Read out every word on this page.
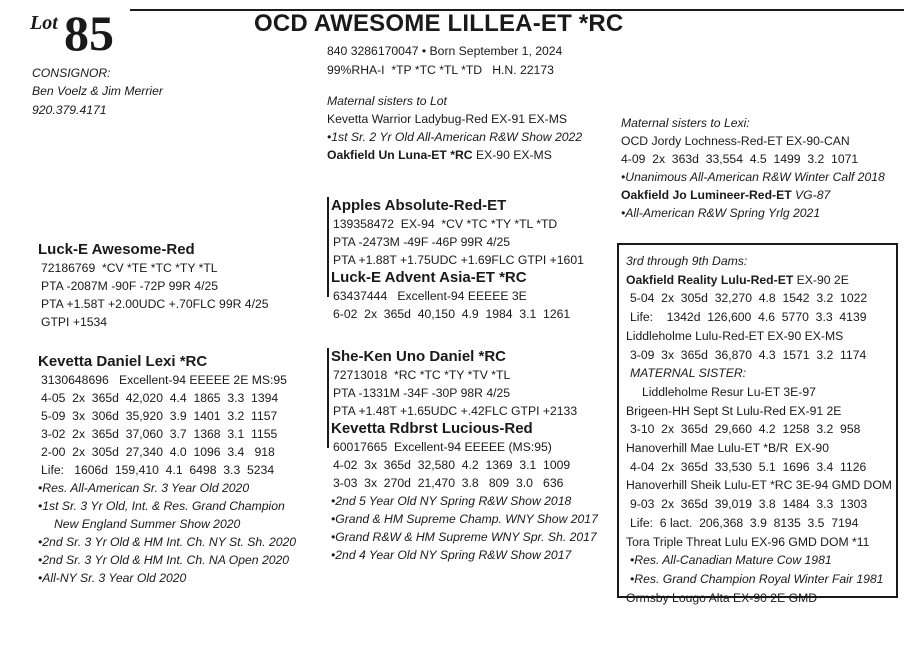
Lot 85	OCD AWESOME LILLEA-ET *RC
840 3286170047 • Born September 1, 2024
99%RHA-I  *TP *TC *TL *TD   H.N. 22173
CONSIGNOR:
Ben Voelz & Jim Merrier
920.379.4171
Maternal sisters to Lot
Kevetta Warrior Ladybug-Red EX-91 EX-MS
•1st Sr. 2 Yr Old All-American R&W Show 2022
Oakfield Un Luna-ET *RC EX-90 EX-MS
Maternal sisters to Lexi:
OCD Jordy Lochness-Red-ET EX-90-CAN
4-09  2x  363d  33,554  4.5  1499  3.2  1071
•Unanimous All-American R&W Winter Calf 2018
Oakfield Jo Lumineer-Red-ET VG-87
•All-American R&W Spring Yrlg 2021
Luck-E Awesome-Red
72186769  *CV *TE *TC *TY *TL
PTA -2087M -90F -72P 99R 4/25
PTA +1.58T +2.00UDC +.70FLC 99R 4/25
GTPI +1534
Apples Absolute-Red-ET
139358472  EX-94  *CV *TC *TY *TL *TD
PTA -2473M -49F -46P 99R 4/25
PTA +1.88T +1.75UDC +1.69FLC GTPI +1601
Luck-E Advent Asia-ET *RC
63437444   Excellent-94 EEEEE 3E
6-02  2x  365d  40,150  4.9  1984  3.1  1261
Kevetta Daniel Lexi *RC
3130648696   Excellent-94 EEEEE 2E MS:95
4-05  2x  365d  42,020  4.4  1865  3.3  1394
5-09  3x  306d  35,920  3.9  1401  3.2  1157
3-02  2x  365d  37,060  3.7  1368  3.1  1155
2-00  2x  305d  27,340  4.0  1096  3.4   918
Life:   1606d  159,410  4.1  6498  3.3  5234
•Res. All-American Sr. 3 Year Old 2020
•1st Sr. 3 Yr Old, Int. & Res. Grand Champion
New England Summer Show 2020
•2nd Sr. 3 Yr Old & HM Int. Ch. NY St. Sh. 2020
•2nd Sr. 3 Yr Old & HM Int. Ch. NA Open 2020
•All-NY Sr. 3 Year Old 2020
She-Ken Uno Daniel *RC
72713018  *RC *TC *TY *TV *TL
PTA -1331M -34F -30P 98R 4/25
PTA +1.48T +1.65UDC +.42FLC GTPI +2133
Kevetta Rdbrst Lucious-Red
60017665  Excellent-94 EEEEE (MS:95)
4-02  3x  365d  32,580  4.2  1369  3.1  1009
3-03  3x  270d  21,470  3.8   809  3.0   636
•2nd 5 Year Old NY Spring R&W Show 2018
•Grand & HM Supreme Champ. WNY Show 2017
•Grand R&W & HM Supreme WNY Spr. Sh. 2017
•2nd 4 Year Old NY Spring R&W Show 2017
3rd through 9th Dams:
Oakfield Reality Lulu-Red-ET EX-90 2E
5-04  2x  305d  32,270  4.8  1542  3.2  1022
Life:    1342d  126,600  4.6  5770  3.3  4139
Liddleholme Lulu-Red-ET EX-90 EX-MS
3-09  3x  365d  36,870  4.3  1571  3.2  1174
MATERNAL SISTER:
Liddleholme Resur Lu-ET 3E-97
Brigeen-HH Sept St Lulu-Red EX-91 2E
3-10  2x  365d  29,660  4.2  1258  3.2  958
Hanoverhill Mae Lulu-ET *B/R  EX-90
4-04  2x  365d  33,530  5.1  1696  3.4  1126
Hanoverhill Sheik Lulu-ET *RC 3E-94 GMD DOM
9-03  2x  365d  39,019  3.8  1484  3.3  1303
Life:  6 lact.  206,368  3.9  8135  3.5  7194
Tora Triple Threat Lulu EX-96 GMD DOM *11
•Res. All-Canadian Mature Cow 1981
•Res. Grand Champion Royal Winter Fair 1981
Ormsby Lougo Alta EX-90 2E GMD
